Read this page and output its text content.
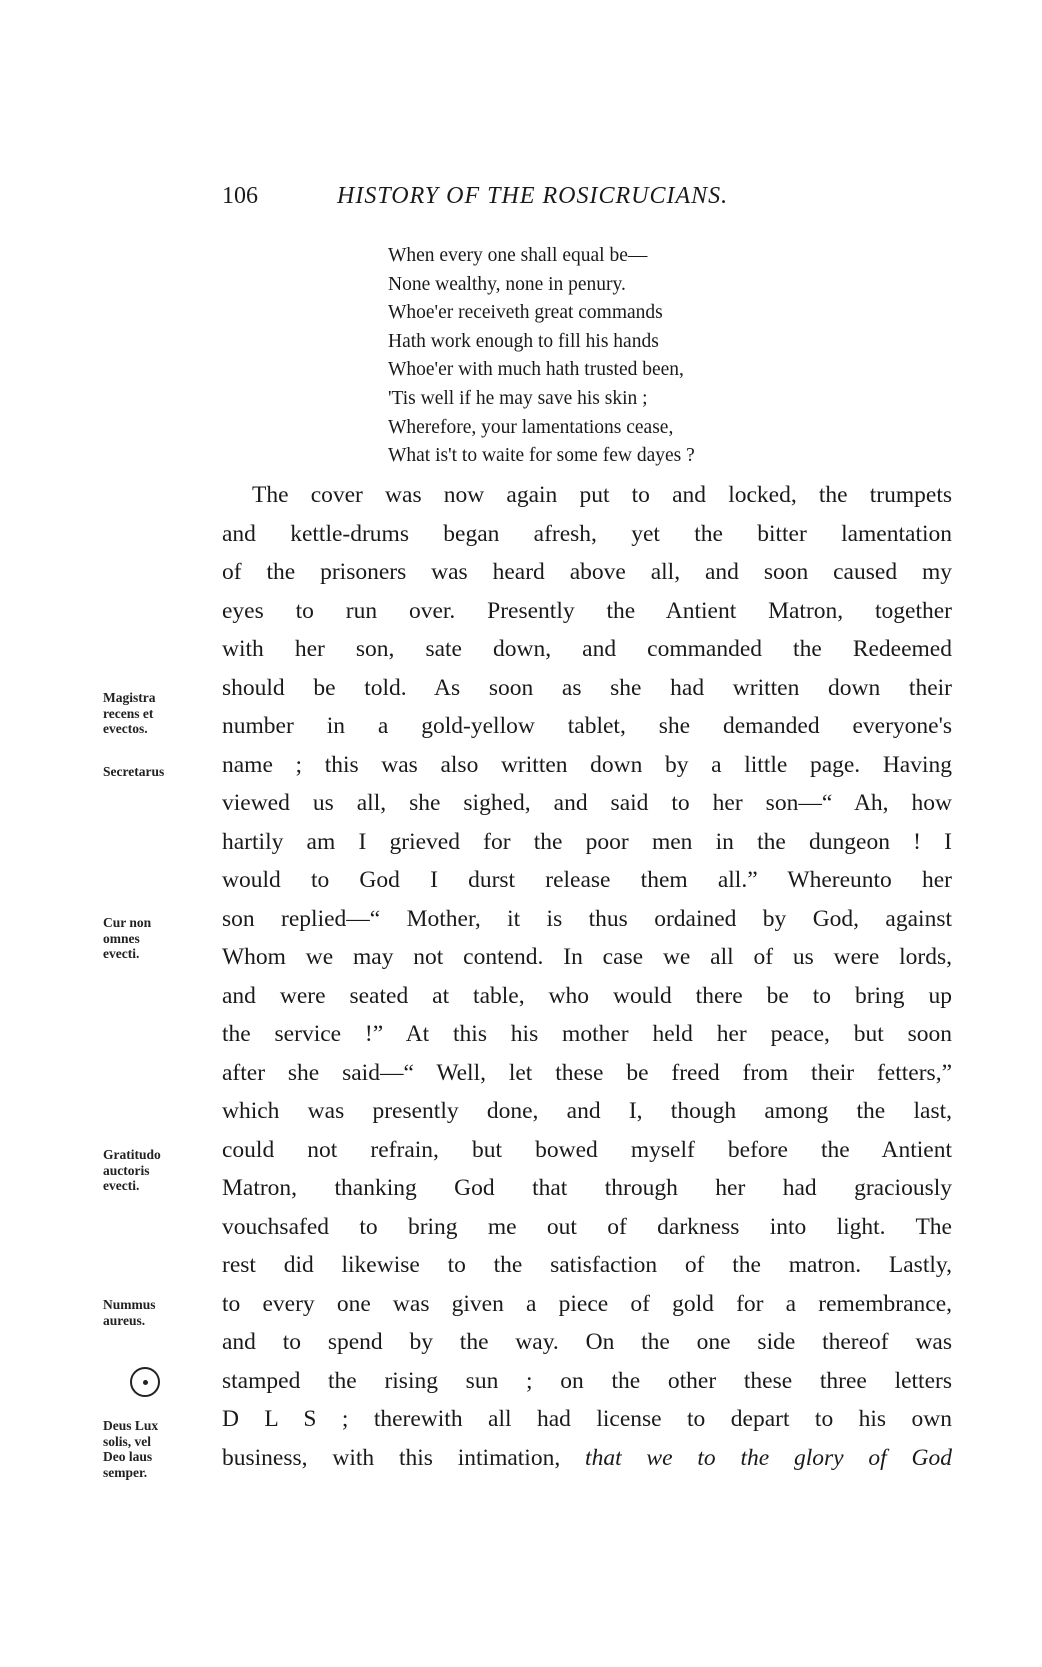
106	HISTORY OF THE ROSICRUCIANS.
When every one shall equal be—
None wealthy, none in penury.
Whoe'er receiveth great commands
Hath work enough to fill his hands
Whoe'er with much hath trusted been,
'Tis well if he may save his skin ;
Wherefore, your lamentations cease,
What is't to waite for some few dayes ?
The cover was now again put to and locked, the trumpets
and kettle-drums began afresh, yet the bitter lamentation
of the prisoners was heard above all, and soon caused my
eyes to run over. Presently the Antient Matron, together
with her son, sate down, and commanded the Redeemed
should be told. As soon as she had written down their
number in a gold-yellow tablet, she demanded everyone's
name ; this was also written down by a little page. Having
viewed us all, she sighed, and said to her son—“ Ah, how
hartily am I grieved for the poor men in the dungeon ! I
would to God I durst release them all.” Whereunto her
son replied—“ Mother, it is thus ordained by God, against
Whom we may not contend. In case we all of us were lords,
and were seated at table, who would there be to bring up
the service !” At this his mother held her peace, but soon
after she said—“ Well, let these be freed from their fetters,”
which was presently done, and I, though among the last,
could not refrain, but bowed myself before the Antient
Matron, thanking God that through her had graciously
vouchsafed to bring me out of darkness into light. The
rest did likewise to the satisfaction of the matron. Lastly,
to every one was given a piece of gold for a remembrance,
and to spend by the way. On the one side thereof was
stamped the rising sun ; on the other these three letters
D L S ; therewith all had license to depart to his own
business, with this intimation, that we to the glory of God
Magistra
recens et
evectos.
Secretarus
Cur non
omnes
evecti.
Gratitudo
auctoris
evecti.
Nummus
aureus.
Deus Lux
solis, vel
Deo laus
semper.
